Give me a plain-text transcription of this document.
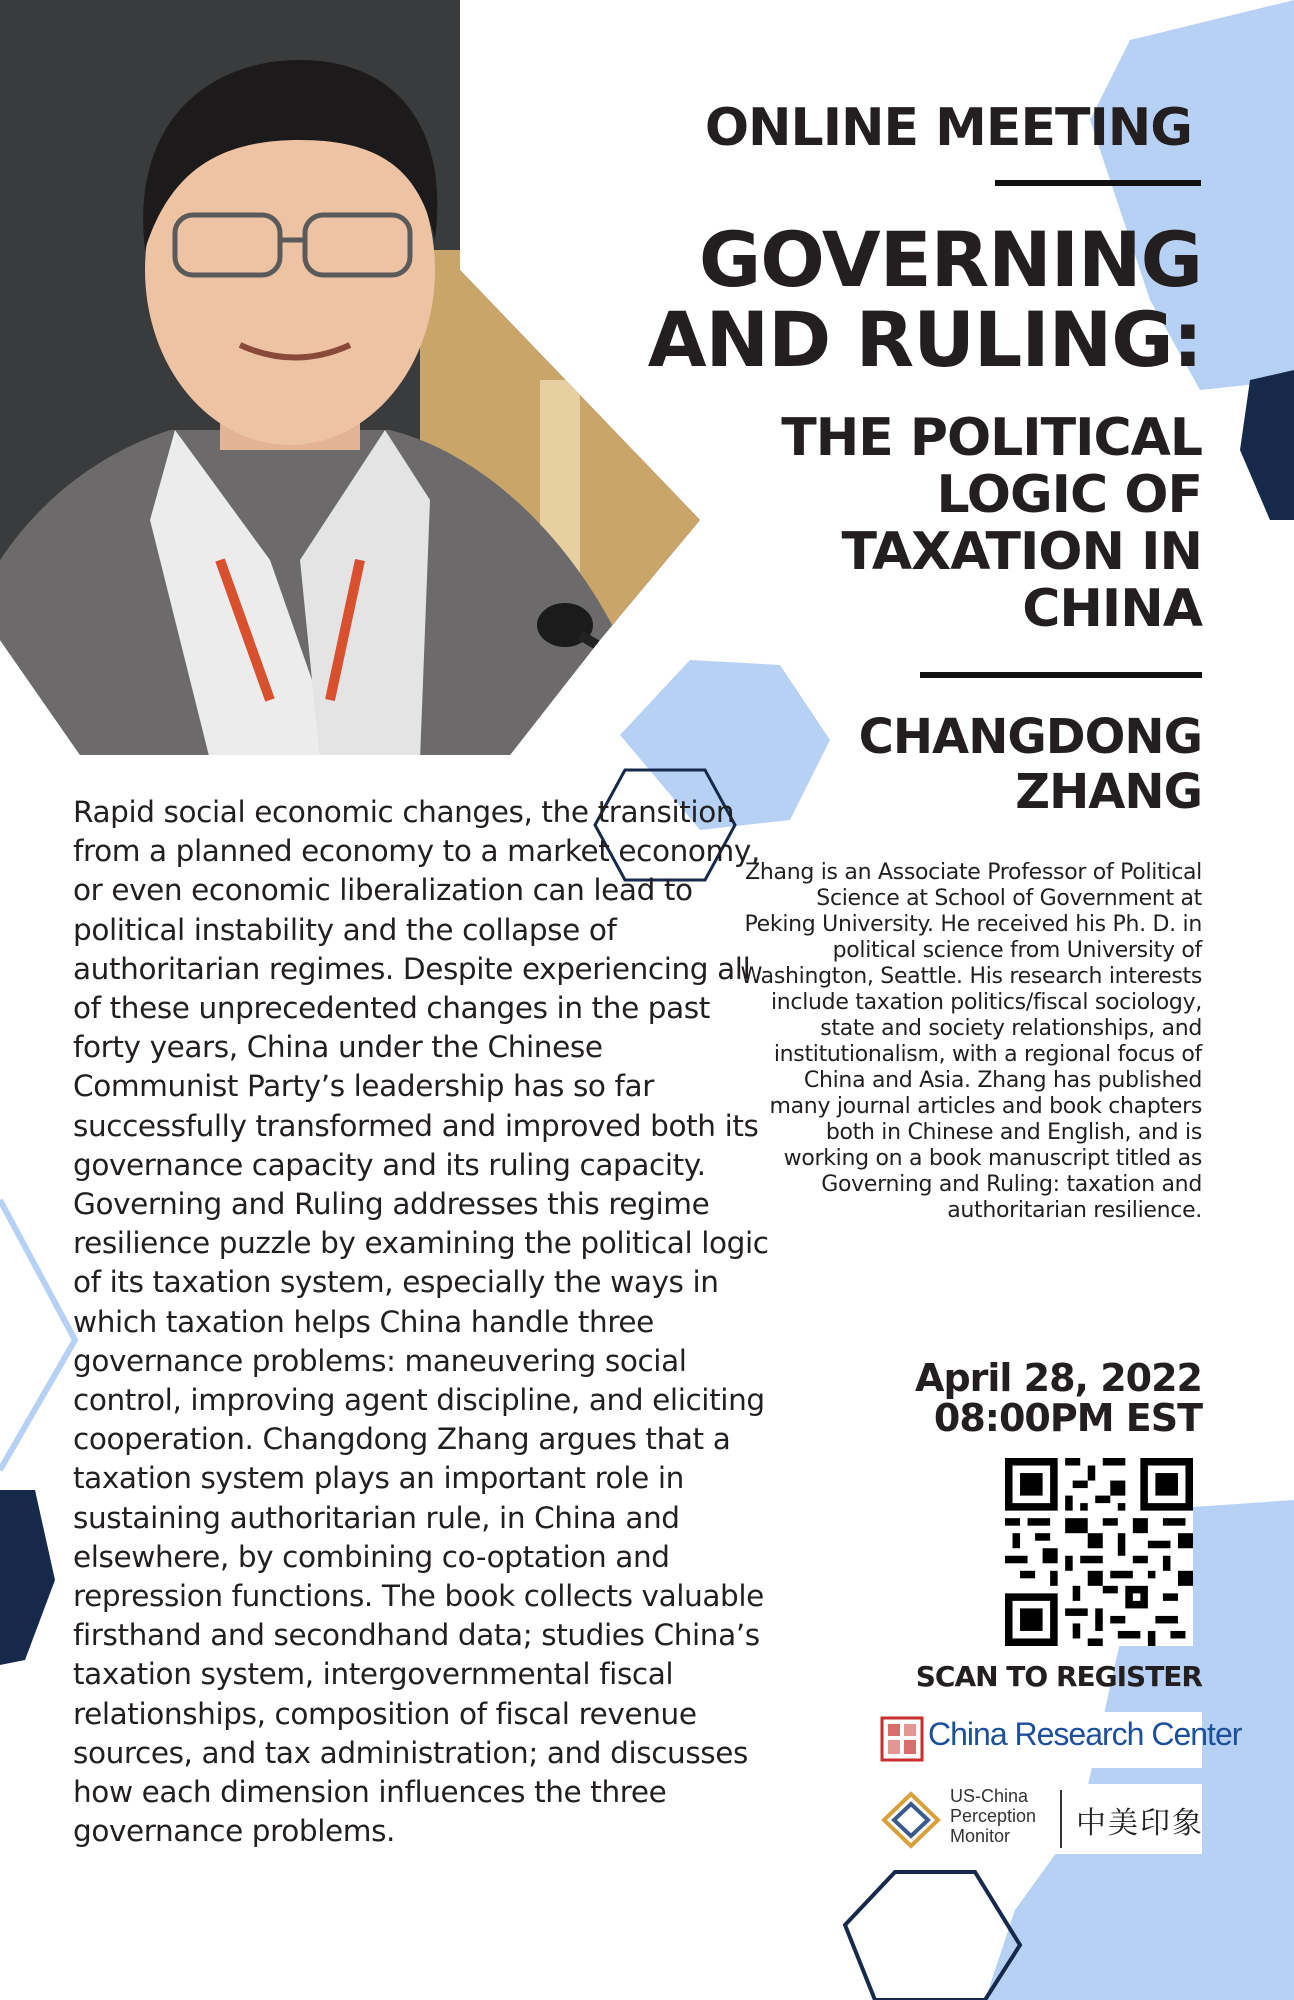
ONLINE MEETING
GOVERNING AND RULING:
THE POLITICAL LOGIC OF TAXATION IN CHINA
CHANGDONG ZHANG
Zhang is an Associate Professor of Political Science at School of Government at Peking University. He received his Ph. D. in political science from University of Washington, Seattle. His research interests include taxation politics/fiscal sociology, state and society relationships, and institutionalism, with a regional focus of China and Asia. Zhang has published many journal articles and book chapters both in Chinese and English, and is working on a book manuscript titled as Governing and Ruling: taxation and authoritarian resilience.
April 28, 2022
08:00PM EST
SCAN TO REGISTER
China Research Center
US-China
Perception
Monitor	中美印象
Rapid social economic changes, the transition from a planned economy to a market economy, or even economic liberalization can lead to political instability and the collapse of authoritarian regimes. Despite experiencing all of these unprecedented changes in the past forty years, China under the Chinese Communist Party’s leadership has so far successfully transformed and improved both its governance capacity and its ruling capacity. Governing and Ruling addresses this regime resilience puzzle by examining the political logic of its taxation system, especially the ways in which taxation helps China handle three governance problems: maneuvering social control, improving agent discipline, and eliciting cooperation. Changdong Zhang argues that a taxation system plays an important role in sustaining authoritarian rule, in China and elsewhere, by combining co-optation and repression functions. The book collects valuable firsthand and secondhand data; studies China’s taxation system, intergovernmental fiscal relationships, composition of fiscal revenue sources, and tax administration; and discusses how each dimension influences the three governance problems.
